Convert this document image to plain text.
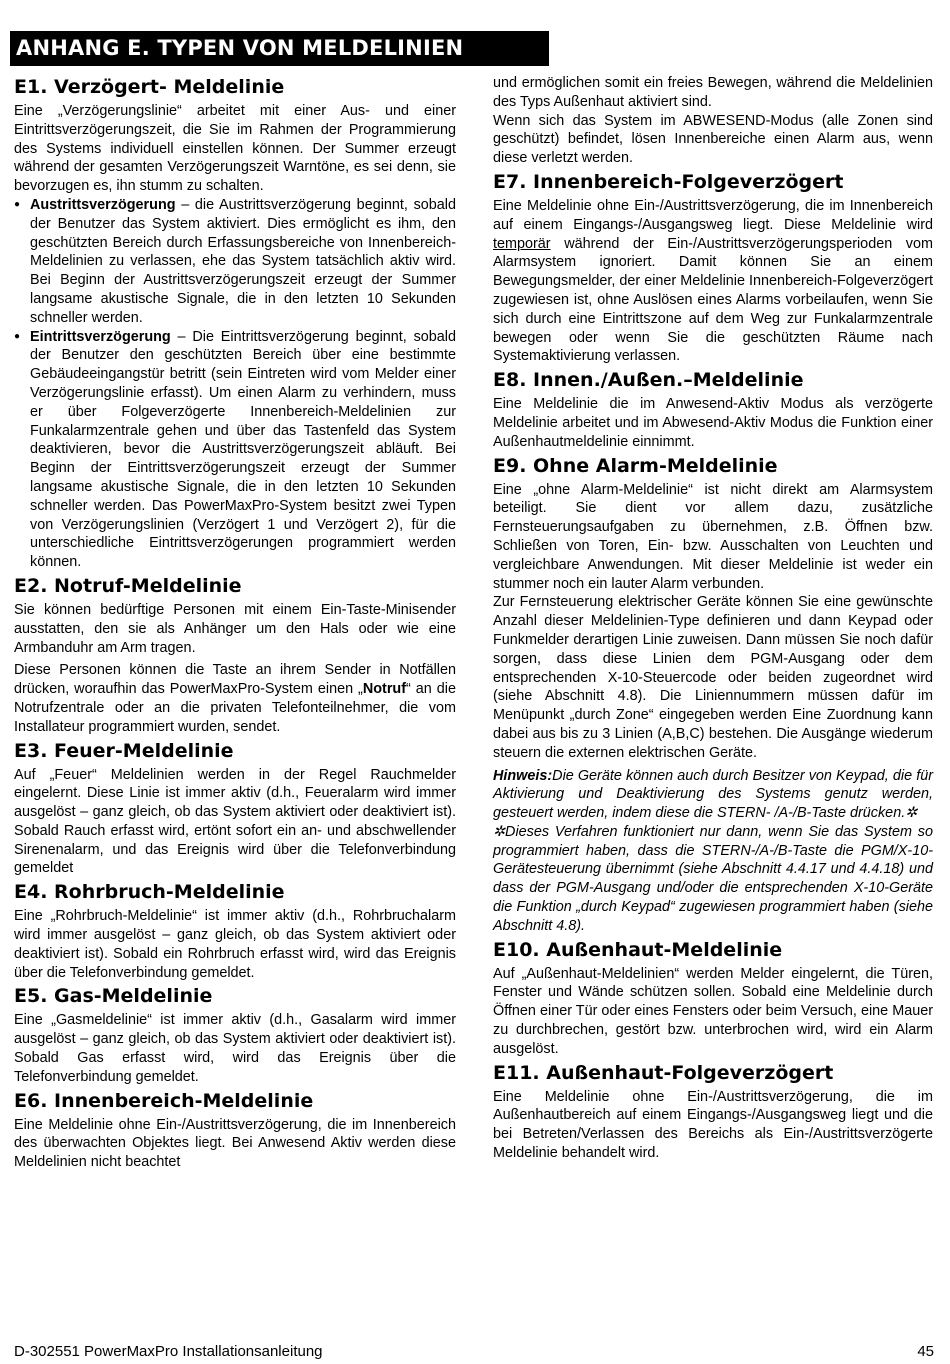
ANHANG E. TYPEN VON MELDELINIEN
E1. Verzögert- Meldelinie

Eine „Verzögerungslinie“ arbeitet mit einer Aus- und einer Eintrittsverzögerungszeit, die Sie im Rahmen der Programmierung des Systems individuell einstellen können. Der Summer erzeugt während der gesamten Verzögerungszeit Warntöne, es sei denn, sie bevorzugen es, ihn stumm zu schalten.

● Austrittsverzögerung – die Austrittsverzögerung beginnt, sobald der Benutzer das System aktiviert. Dies ermöglicht es ihm, den geschützten Bereich durch Erfassungsbereiche von Innenbereich-Meldelinien zu verlassen, ehe das System tatsächlich aktiv wird. Bei Beginn der Austrittsverzögerungszeit erzeugt der Summer langsame akustische Signale, die in den letzten 10 Sekunden schneller werden.

● Eintrittsverzögerung – Die Eintrittsverzögerung beginnt, sobald der Benutzer den geschützten Bereich über eine bestimmte Gebäudeeingangstür betritt (sein Eintreten wird vom Melder einer Verzögerungslinie erfasst). Um einen Alarm zu verhindern, muss er über Folgeverzögerte Innenbereich-Meldelinien zur Funkalarmzentrale gehen und über das Tastenfeld das System deaktivieren, bevor die Austrittsverzögerungszeit abläuft. Bei Beginn der Eintrittsverzögerungszeit erzeugt der Summer langsame akustische Signale, die in den letzten 10 Sekunden schneller werden. Das PowerMaxPro-System besitzt zwei Typen von Verzögerungslinien (Verzögert 1 und Verzögert 2), für die unterschiedliche Eintrittsverzögerungen programmiert werden können.

E2. Notruf-Meldelinie

Sie können bedürftige Personen mit einem Ein-Taste-Minisender ausstatten, den sie als Anhänger um den Hals oder wie eine Armbanduhr am Arm tragen.

Diese Personen können die Taste an ihrem Sender in Notfällen drücken, woraufhin das PowerMaxPro-System einen „Notruf“ an die Notrufzentrale oder an die privaten Telefonteilnehmer, die vom Installateur programmiert wurden, sendet.

E3. Feuer-Meldelinie

Auf „Feuer“ Meldelinien werden in der Regel Rauchmelder eingelernt. Diese Linie ist immer aktiv (d.h., Feueralarm wird immer ausgelöst – ganz gleich, ob das System aktiviert oder deaktiviert ist). Sobald Rauch erfasst wird, ertönt sofort ein an- und abschwellender Sirenenalarm, und das Ereignis wird über die Telefonverbindung gemeldet

E4. Rohrbruch-Meldelinie

Eine „Rohrbruch-Meldelinie“ ist immer aktiv (d.h., Rohrbruchalarm wird immer ausgelöst – ganz gleich, ob das System aktiviert oder deaktiviert ist). Sobald ein Rohrbruch erfasst wird, wird das Ereignis über die Telefonverbindung gemeldet.

E5. Gas-Meldelinie

Eine „Gasmeldelinie“ ist immer aktiv (d.h., Gasalarm wird immer ausgelöst – ganz gleich, ob das System aktiviert oder deaktiviert ist). Sobald Gas erfasst wird, wird das Ereignis über die Telefonverbindung gemeldet.

E6. Innenbereich-Meldelinie

Eine Meldelinie ohne Ein-/Austrittsverzögerung, die im Innenbereich des überwachten Objektes liegt. Bei Anwesend Aktiv werden diese Meldelinien nicht beachtet

und ermöglichen somit ein freies Bewegen, während die Meldelinien des Typs Außenhaut aktiviert sind.

Wenn sich das System im ABWESEND-Modus (alle Zonen sind geschützt) befindet, lösen Innenbereiche einen Alarm aus, wenn diese verletzt werden.

E7. Innenbereich-Folgeverzögert

Eine Meldelinie ohne Ein-/Austrittsverzögerung, die im Innenbereich auf einem Eingangs-/Ausgangsweg liegt. Diese Meldelinie wird temporär während der Ein-/Austrittsverzögerungsperioden vom Alarmsystem ignoriert. Damit können Sie an einem Bewegungsmelder, der einer Meldelinie Innenbereich-Folgeverzögert zugewiesen ist, ohne Auslösen eines Alarms vorbeilaufen, wenn Sie sich durch eine Eintrittszone auf dem Weg zur Funkalarmzentrale bewegen oder wenn Sie die geschützten Räume nach Systemaktivierung verlassen.

E8. Innen./Außen.–Meldelinie

Eine Meldelinie die im Anwesend-Aktiv Modus als verzögerte Meldelinie arbeitet und im Abwesend-Aktiv Modus die Funktion einer Außenhautmeldelinie einnimmt.

E9. Ohne Alarm-Meldelinie

Eine „ohne Alarm-Meldelinie“ ist nicht direkt am Alarmsystem beteiligt. Sie dient vor allem dazu, zusätzliche Fernsteuerungsaufgaben zu übernehmen, z.B. Öffnen bzw. Schließen von Toren, Ein- bzw. Ausschalten von Leuchten und vergleichbare Anwendungen. Mit dieser Meldelinie ist weder ein stummer noch ein lauter Alarm verbunden.

Zur Fernsteuerung elektrischer Geräte können Sie eine gewünschte Anzahl dieser Meldelinien-Type definieren und dann Keypad oder Funkmelder derartigen Linie zuweisen. Dann müssen Sie noch dafür sorgen, dass diese Linien dem PGM-Ausgang oder dem entsprechenden X-10-Steuercode oder beiden zugeordnet wird (siehe Abschnitt 4.8). Die Liniennummern müssen dafür im Menüpunkt „durch Zone“ eingegeben werden Eine Zuordnung kann dabei aus bis zu 3 Linien (A,B,C) bestehen. Die Ausgänge wiederum steuern die externen elektrischen Geräte.

Hinweis:Die Geräte können auch durch Besitzer von Keypad, die für Aktivierung und Deaktivierung des Systems genutz werden, gesteuert werden, indem diese die STERN- /A-/B-Taste drücken.✲

✲Dieses Verfahren funktioniert nur dann, wenn Sie das System so programmiert haben, dass die STERN-/A-/B-Taste die PGM/X-10-Gerätesteuerung übernimmt (siehe Abschnitt 4.4.17 und 4.4.18) und dass der PGM-Ausgang und/oder die entsprechenden X-10-Geräte die Funktion „durch Keypad“ zugewiesen programmiert haben (siehe Abschnitt 4.8).

E10. Außenhaut-Meldelinie

Auf „Außenhaut-Meldelinien“ werden Melder eingelernt, die Türen, Fenster und Wände schützen sollen. Sobald eine Meldelinie durch Öffnen einer Tür oder eines Fensters oder beim Versuch, eine Mauer zu durchbrechen, gestört bzw. unterbrochen wird, wird ein Alarm ausgelöst.

E11. Außenhaut-Folgeverzögert

Eine Meldelinie ohne Ein-/Austrittsverzögerung, die im Außenhautbereich auf einem Eingangs-/Ausgangsweg liegt und die bei Betreten/Verlassen des Bereichs als Ein-/Austrittsverzögerte Meldelinie behandelt wird.

D-302551 PowerMaxPro Installationsanleitung	45
